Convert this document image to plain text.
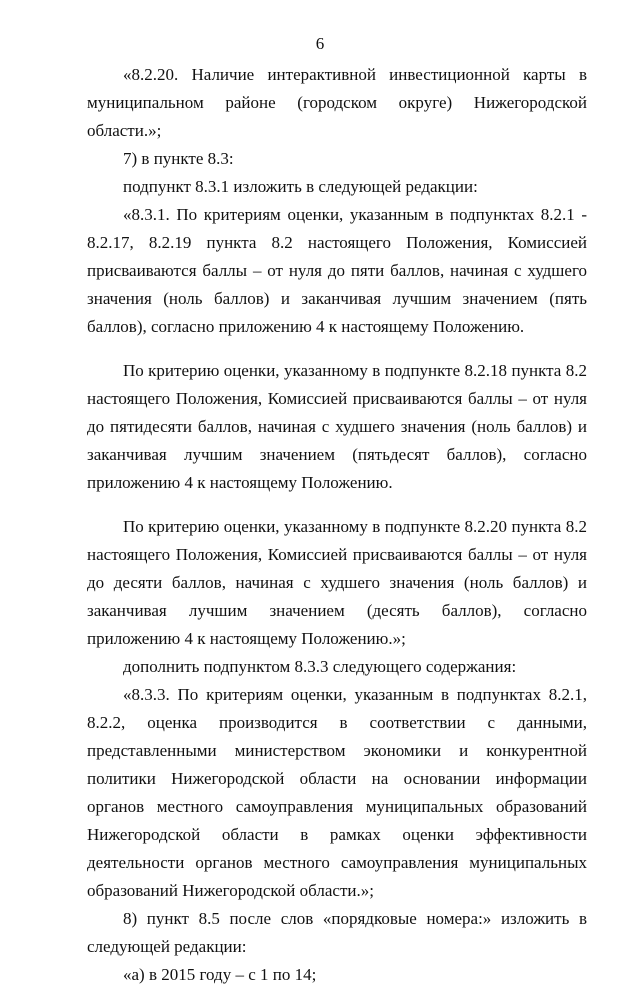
6

«8.2.20. Наличие интерактивной инвестиционной карты в муниципальном районе (городском округе) Нижегородской области.»;

7) в пункте 8.3:

подпункт 8.3.1 изложить в следующей редакции:

«8.3.1. По критериям оценки, указанным в подпунктах 8.2.1 - 8.2.17, 8.2.19 пункта 8.2 настоящего Положения, Комиссией присваиваются баллы – от нуля до пяти баллов, начиная с худшего значения (ноль баллов) и заканчивая лучшим значением (пять баллов), согласно приложению 4 к настоящему Положению.

По критерию оценки, указанному в подпункте 8.2.18 пункта 8.2 настоящего Положения, Комиссией присваиваются баллы – от нуля до пятидесяти баллов, начиная с худшего значения (ноль баллов) и заканчивая лучшим значением (пятьдесят баллов), согласно приложению 4 к настоящему Положению.

По критерию оценки, указанному в подпункте 8.2.20 пункта 8.2 настоящего Положения, Комиссией присваиваются баллы – от нуля до десяти баллов, начиная с худшего значения (ноль баллов) и заканчивая лучшим значением (десять баллов), согласно приложению 4 к настоящему Положению.»;

дополнить подпунктом 8.3.3 следующего содержания:

«8.3.3. По критериям оценки, указанным в подпунктах 8.2.1, 8.2.2, оценка производится в соответствии с данными, представленными министерством экономики и конкурентной политики Нижегородской области на основании информации органов местного самоуправления муниципальных образований Нижегородской области в рамках оценки эффективности деятельности органов местного самоуправления муниципальных образований Нижегородской области.»;

8) пункт 8.5 после слов «порядковые номера:» изложить в следующей редакции:

«а) в 2015 году – с 1 по 14;
